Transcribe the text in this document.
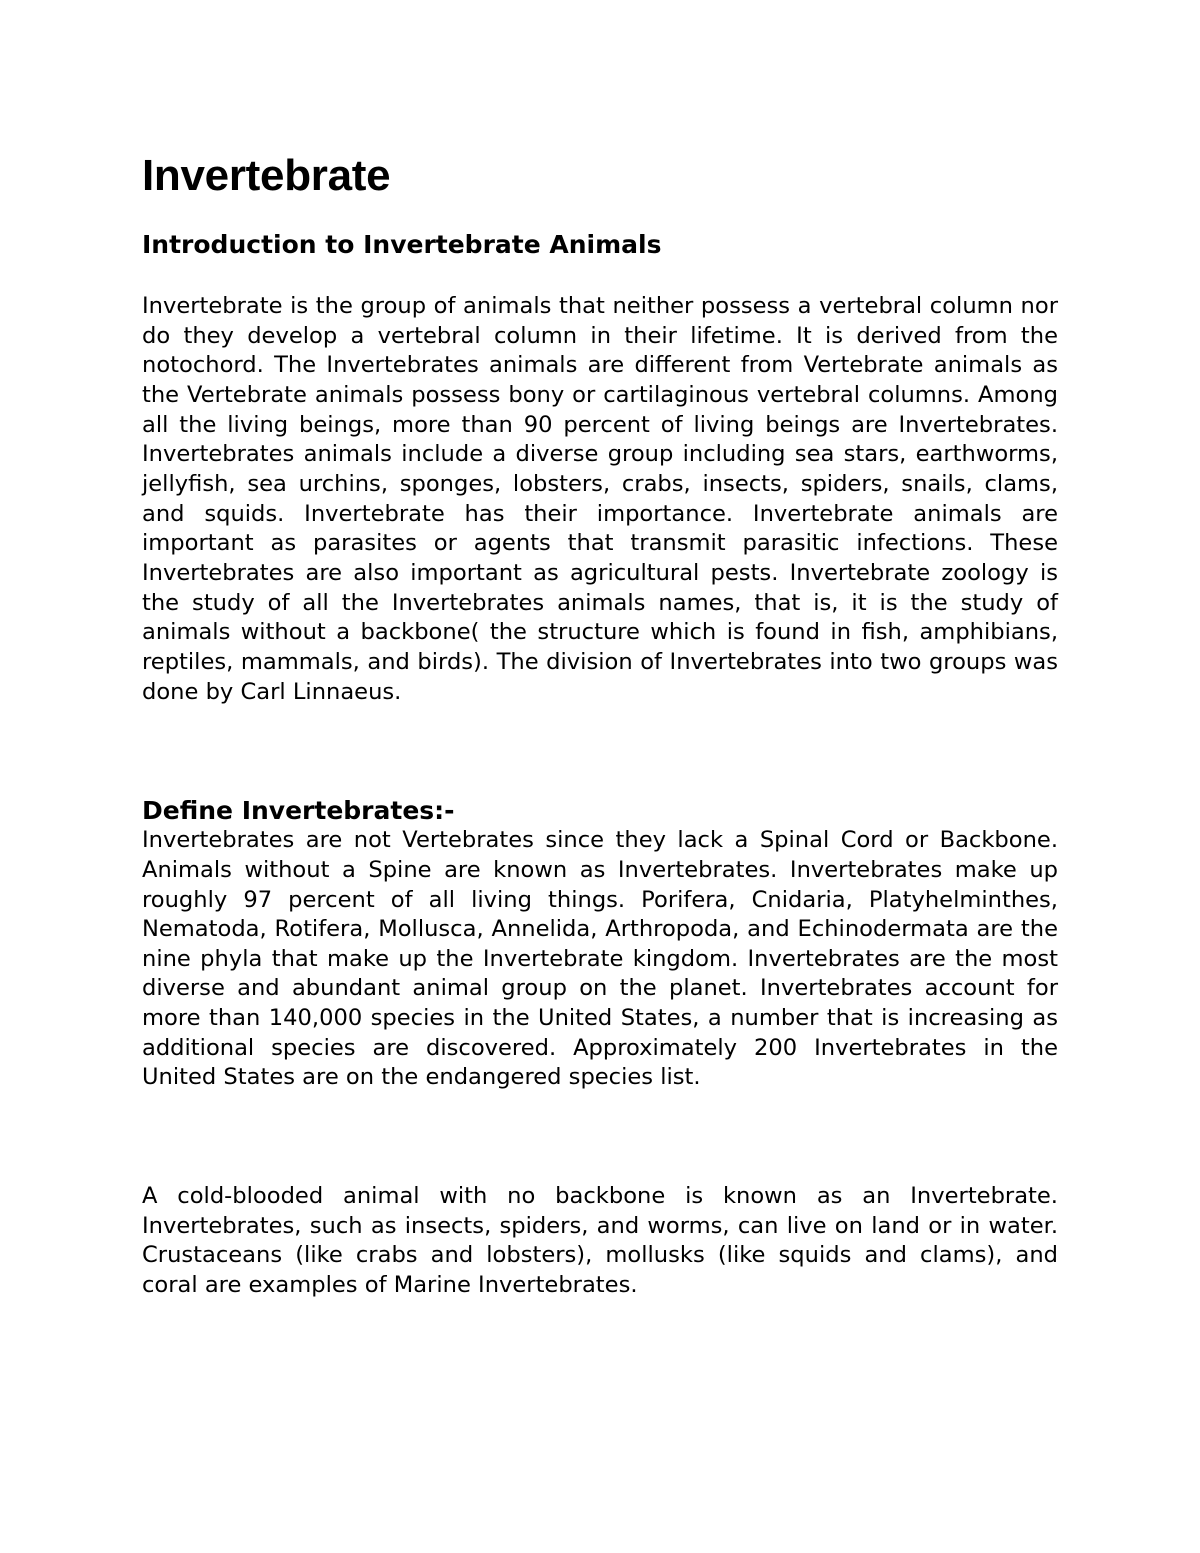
Invertebrate
Introduction to Invertebrate Animals

Invertebrate is the group of animals that neither possess a vertebral column nor do they develop a vertebral column in their lifetime. It is derived from the notochord. The Invertebrates animals are different from Vertebrate animals as the Vertebrate animals possess bony or cartilaginous vertebral columns. Among all the living beings, more than 90 percent of living beings are Invertebrates. Invertebrates animals include a diverse group including sea stars, earthworms, jellyfish, sea urchins, sponges, lobsters, crabs, insects, spiders, snails, clams, and squids. Invertebrate has their importance. Invertebrate animals are important as parasites or agents that transmit parasitic infections. These Invertebrates are also important as agricultural pests. Invertebrate zoology is the study of all the Invertebrates animals names, that is, it is the study of animals without a backbone( the structure which is found in fish, amphibians, reptiles, mammals, and birds). The division of Invertebrates into two groups was done by Carl Linnaeus.

Define Invertebrates:-

Invertebrates are not Vertebrates since they lack a Spinal Cord or Backbone. Animals without a Spine are known as Invertebrates. Invertebrates make up roughly 97 percent of all living things. Porifera, Cnidaria, Platyhelminthes, Nematoda, Rotifera, Mollusca, Annelida, Arthropoda, and Echinodermata are the nine phyla that make up the Invertebrate kingdom. Invertebrates are the most diverse and abundant animal group on the planet. Invertebrates account for more than 140,000 species in the United States, a number that is increasing as additional species are discovered. Approximately 200 Invertebrates in the United States are on the endangered species list.

A cold-blooded animal with no backbone is known as an Invertebrate. Invertebrates, such as insects, spiders, and worms, can live on land or in water. Crustaceans (like crabs and lobsters), mollusks (like squids and clams), and coral are examples of Marine Invertebrates.
